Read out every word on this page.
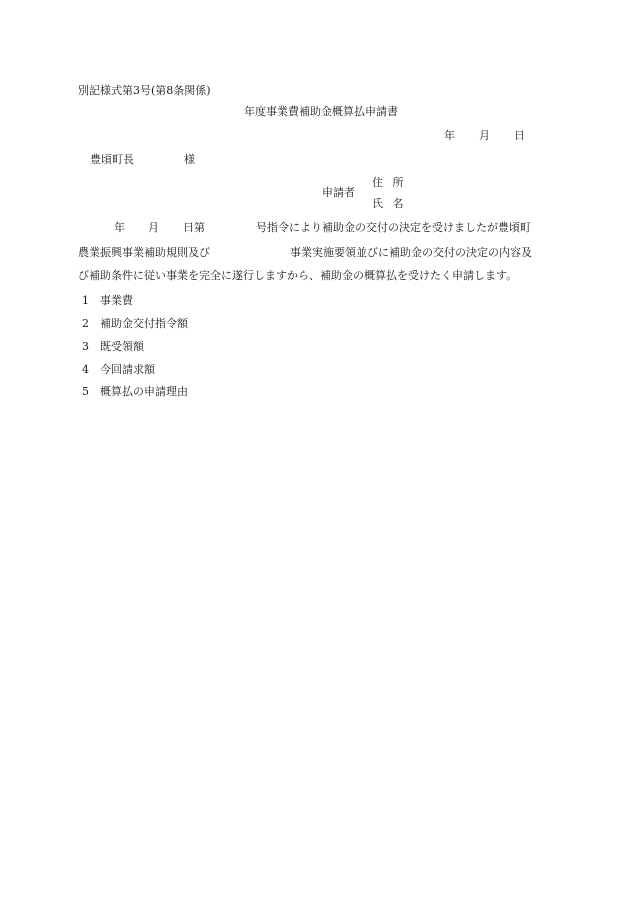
別記様式第3号(第8条関係)
年度事業費補助金概算払申請書
年 月 日
豊頃町長	様
申請者
住 所
氏 名
年 月 日第	号指令により補助金の交付の決定を受けましたが豊頃町
農業振興事業補助規則及び	事業実施要領並びに補助金の交付の決定の内容及
び補助条件に従い事業を完全に遂行しますから、補助金の概算払を受けたく申請します。
1	事業費
2	補助金交付指令額
3	既受領額
4	今回請求額
5	概算払の申請理由
